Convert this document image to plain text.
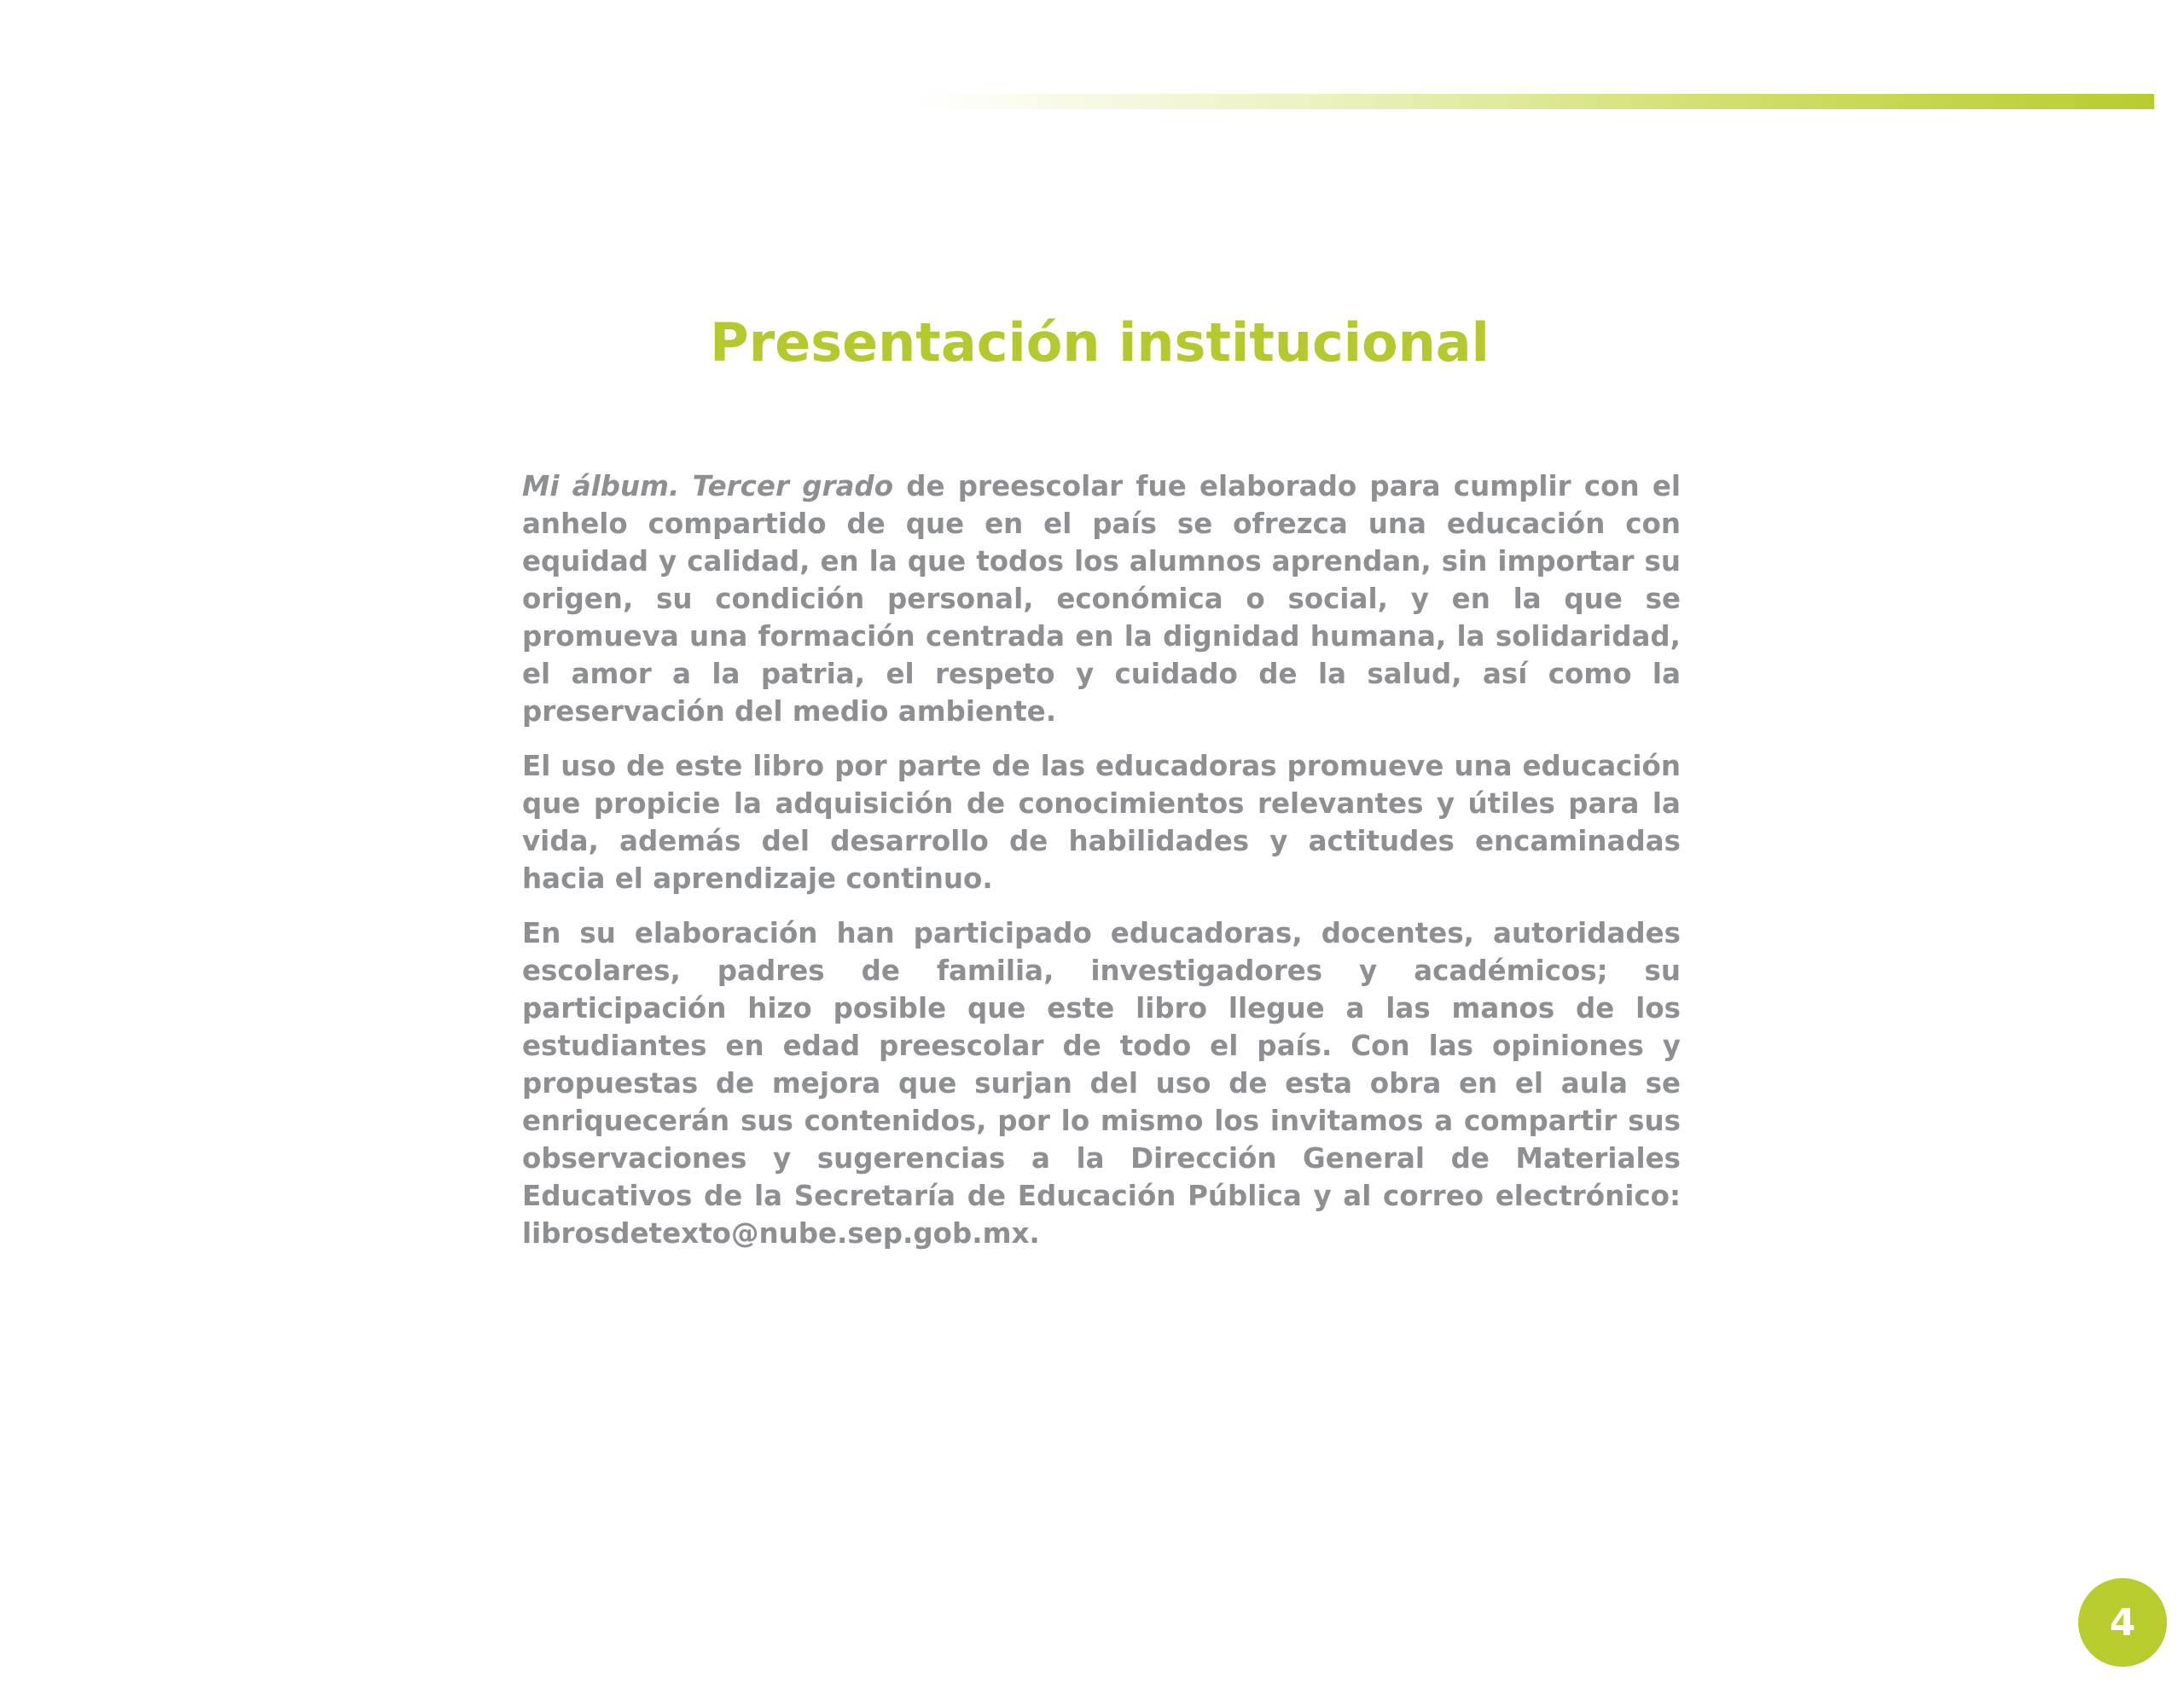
Presentación institucional

Mi álbum. Tercer grado de preescolar fue elaborado para cumplir con el anhelo compartido de que en el país se ofrezca una educación con equidad y calidad, en la que todos los alumnos aprendan, sin importar su origen, su condición personal, económica o social, y en la que se promueva una formación centrada en la dignidad humana, la solidaridad, el amor a la patria, el respeto y cuidado de la salud, así como la preservación del medio ambiente.

El uso de este libro por parte de las educadoras promueve una educación que propicie la adquisición de conocimientos relevantes y útiles para la vida, además del desarrollo de habilidades y actitudes encaminadas hacia el aprendizaje continuo.

En su elaboración han participado educadoras, docentes, autoridades escolares, padres de familia, investigadores y académicos; su participación hizo posible que este libro llegue a las manos de los estudiantes en edad preescolar de todo el país. Con las opiniones y propuestas de mejora que surjan del uso de esta obra en el aula se enriquecerán sus contenidos, por lo mismo los invitamos a compartir sus observaciones y sugerencias a la Dirección General de Materiales Educativos de la Secretaría de Educación Pública y al correo electrónico: librosdetexto@nube.sep.gob.mx.

4
